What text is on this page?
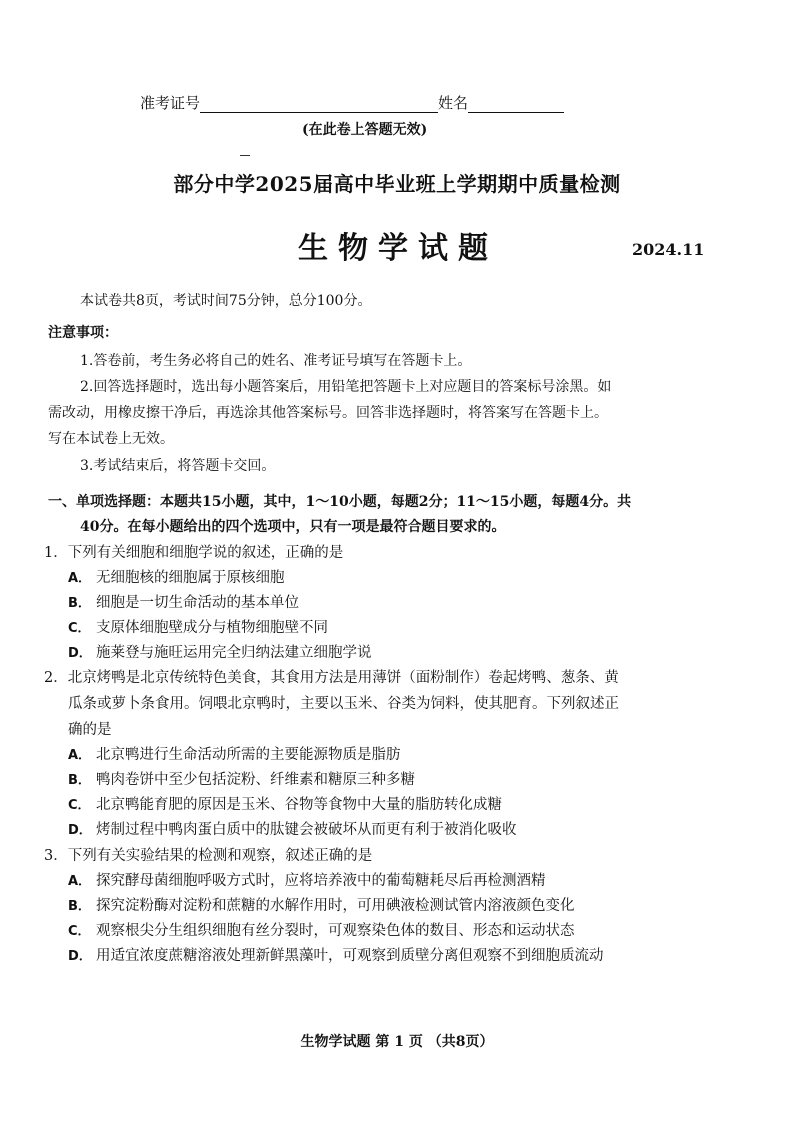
准考证号	姓名
(在此卷上答题无效)
部分中学2025届高中毕业班上学期期中质量检测
生物学试题	2024.11
本试卷共8页，考试时间75分钟，总分100分。
注意事项：
1.答卷前，考生务必将自己的姓名、准考证号填写在答题卡上。
2.回答选择题时，选出每小题答案后，用铅笔把答题卡上对应题目的答案标号涂黑。如
需改动，用橡皮擦干净后，再选涂其他答案标号。回答非选择题时，将答案写在答题卡上。
写在本试卷上无效。
3.考试结束后，将答题卡交回。
一、单项选择题：本题共15小题，其中，1～10小题，每题2分；11～15小题，每题4分。共
40分。在每小题给出的四个选项中，只有一项是最符合题目要求的。
1．下列有关细胞和细胞学说的叙述，正确的是
A． 无细胞核的细胞属于原核细胞
B． 细胞是一切生命活动的基本单位
C． 支原体细胞壁成分与植物细胞壁不同
D． 施莱登与施旺运用完全归纳法建立细胞学说
2．北京烤鸭是北京传统特色美食，其食用方法是用薄饼（面粉制作）卷起烤鸭、葱条、黄
瓜条或萝卜条食用。饲喂北京鸭时，主要以玉米、谷类为饲料，使其肥育。下列叙述正
确的是
A． 北京鸭进行生命活动所需的主要能源物质是脂肪
B． 鸭肉卷饼中至少包括淀粉、纤维素和糖原三种多糖
C． 北京鸭能育肥的原因是玉米、谷物等食物中大量的脂肪转化成糖
D． 烤制过程中鸭肉蛋白质中的肽键会被破坏从而更有利于被消化吸收
3．下列有关实验结果的检测和观察，叙述正确的是
A． 探究酵母菌细胞呼吸方式时，应将培养液中的葡萄糖耗尽后再检测酒精
B． 探究淀粉酶对淀粉和蔗糖的水解作用时，可用碘液检测试管内溶液颜色变化
C． 观察根尖分生组织细胞有丝分裂时，可观察染色体的数目、形态和运动状态
D． 用适宜浓度蔗糖溶液处理新鲜黑藻叶，可观察到质壁分离但观察不到细胞质流动
生物学试题 第 1 页 （共8页）
